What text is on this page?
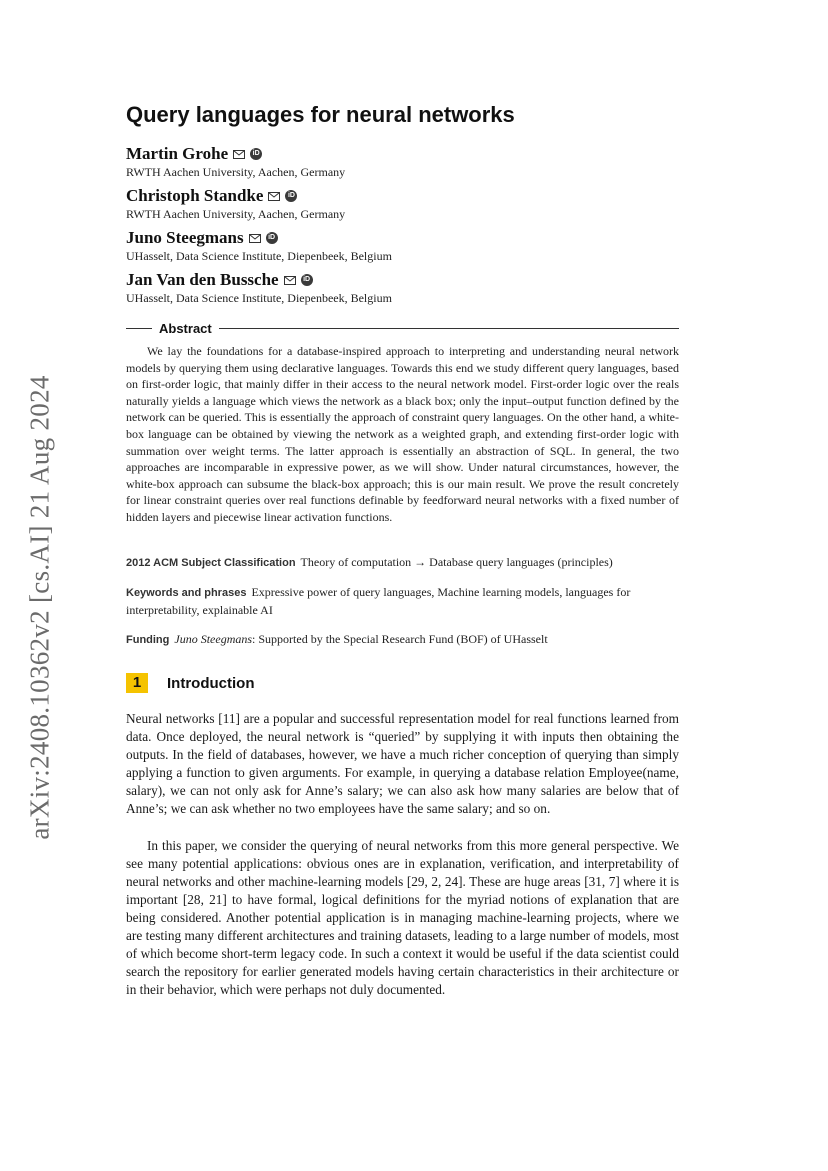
arXiv:2408.10362v2 [cs.AI] 21 Aug 2024
Query languages for neural networks
Martin Grohe	iD
RWTH Aachen University, Aachen, Germany
Christoph Standke	iD
RWTH Aachen University, Aachen, Germany
Juno Steegmans	iD
UHasselt, Data Science Institute, Diepenbeek, Belgium
Jan Van den Bussche	iD
UHasselt, Data Science Institute, Diepenbeek, Belgium
Abstract

We lay the foundations for a database-inspired approach to interpreting and understanding neural network models by querying them using declarative languages. Towards this end we study different query languages, based on first-order logic, that mainly differ in their access to the neural network model. First-order logic over the reals naturally yields a language which views the network as a black box; only the input–output function defined by the network can be queried. This is essentially the approach of constraint query languages. On the other hand, a white-box language can be obtained by viewing the network as a weighted graph, and extending first-order logic with summation over weight terms. The latter approach is essentially an abstraction of SQL. In general, the two approaches are incomparable in expressive power, as we will show. Under natural circumstances, however, the white-box approach can subsume the black-box approach; this is our main result. We prove the result concretely for linear constraint queries over real functions definable by feedforward neural networks with a fixed number of hidden layers and piecewise linear activation functions.

2012 ACM Subject Classification Theory of computation → Database query languages (principles)

Keywords and phrases Expressive power of query languages, Machine learning models, languages for interpretability, explainable AI

Funding Juno Steegmans: Supported by the Special Research Fund (BOF) of UHasselt

1	Introduction

Neural networks [11] are a popular and successful representation model for real functions learned from data. Once deployed, the neural network is “queried” by supplying it with inputs then obtaining the outputs. In the field of databases, however, we have a much richer conception of querying than simply applying a function to given arguments. For example, in querying a database relation Employee(name, salary), we can not only ask for Anne’s salary; we can also ask how many salaries are below that of Anne’s; we can ask whether no two employees have the same salary; and so on.

In this paper, we consider the querying of neural networks from this more general perspective. We see many potential applications: obvious ones are in explanation, verification, and interpretability of neural networks and other machine-learning models [29, 2, 24]. These are huge areas [31, 7] where it is important [28, 21] to have formal, logical definitions for the myriad notions of explanation that are being considered. Another potential application is in managing machine-learning projects, where we are testing many different architectures and training datasets, leading to a large number of models, most of which become short-term legacy code. In such a context it would be useful if the data scientist could search the repository for earlier generated models having certain characteristics in their architecture or in their behavior, which were perhaps not duly documented.
